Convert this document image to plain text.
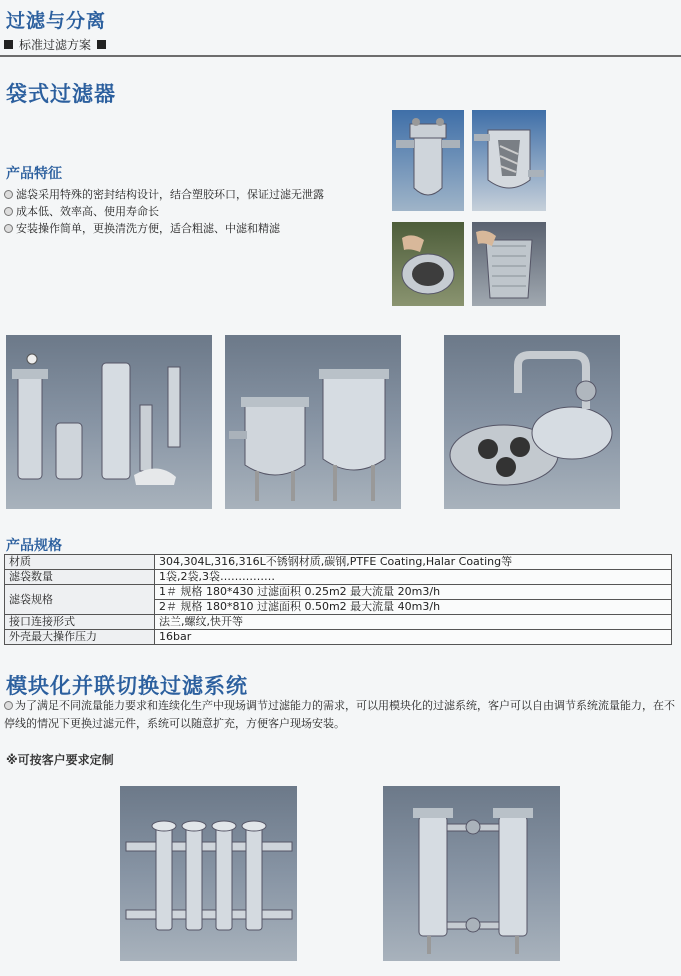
过滤与分离
标准过滤方案
袋式过滤器
产品特征
滤袋采用特殊的密封结构设计，结合塑胶环口，保证过滤无泄露
成本低、效率高、使用寿命长
安装操作简单，更换清洗方便，适合粗滤、中滤和精滤
产品规格
材质	304,304L,316,316L不锈钢材质,碳钢,PTFE Coating,Halar Coating等
滤袋数量	1袋,2袋,3袋……………
滤袋规格	1＃ 规格 180*430 过滤面积 0.25m2 最大流量 20m3/h
	2＃ 规格 180*810 过滤面积 0.50m2 最大流量 40m3/h
接口连接形式	法兰,螺纹,快开等
外壳最大操作压力	16bar
模块化并联切换过滤系统
为了满足不同流量能力要求和连续化生产中现场调节过滤能力的需求，可以用模块化的过滤系统，客户可以自由调节系统流量能力，在不停线的情况下更换过滤元件，系统可以随意扩充，方便客户现场安装。
※可按客户要求定制
